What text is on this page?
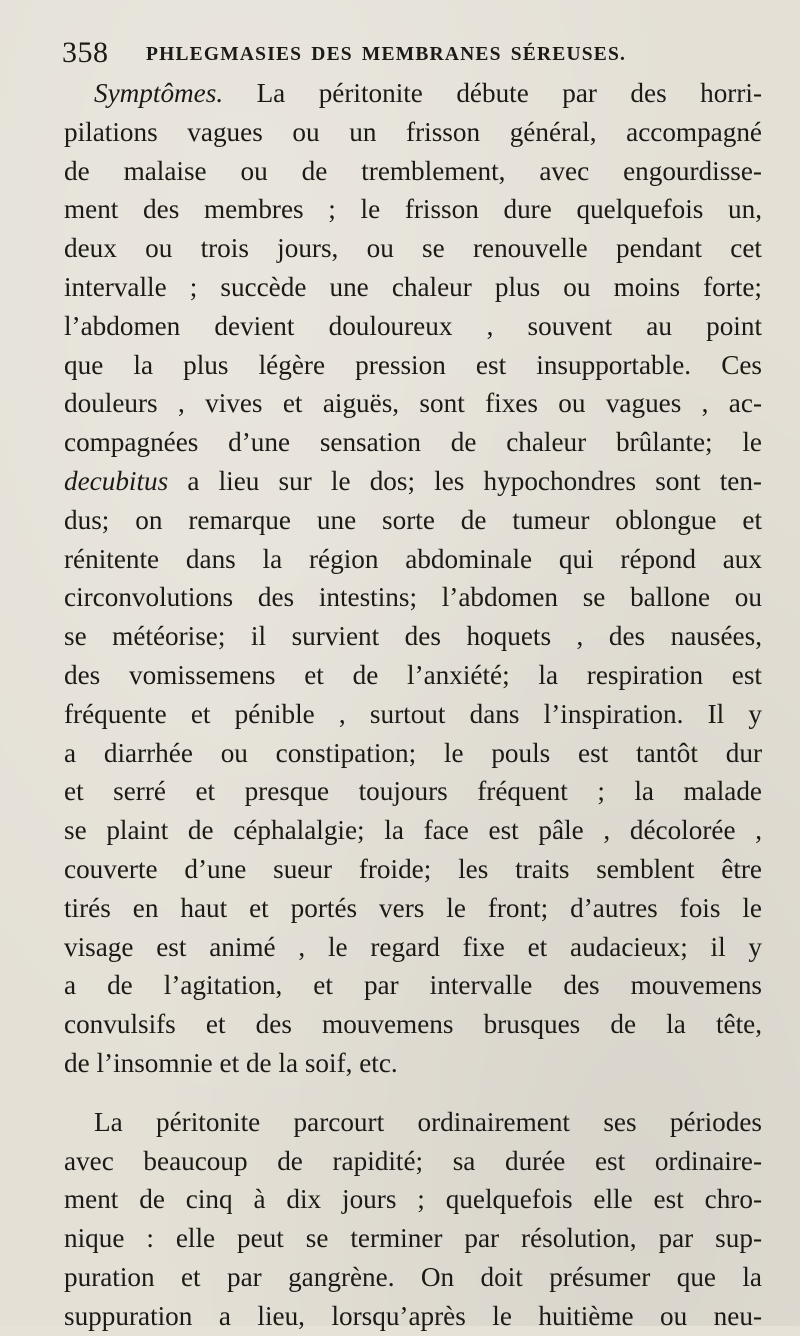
358 PHLEGMASIES DES MEMBRANES SÉREUSES.
Symptômes. La péritonite débute par des horri-
pilations vagues ou un frisson général, accompagné
de malaise ou de tremblement, avec engourdisse-
ment des membres ; le frisson dure quelquefois un,
deux ou trois jours, ou se renouvelle pendant cet
intervalle ; succède une chaleur plus ou moins forte;
l’abdomen devient douloureux , souvent au point
que la plus légère pression est insupportable. Ces
douleurs , vives et aiguës, sont fixes ou vagues , ac-
compagnées d’une sensation de chaleur brûlante; le
decubitus a lieu sur le dos; les hypochondres sont ten-
dus; on remarque une sorte de tumeur oblongue et
rénitente dans la région abdominale qui répond aux
circonvolutions des intestins; l’abdomen se ballone ou
se météorise; il survient des hoquets , des nausées,
des vomissemens et de l’anxiété; la respiration est
fréquente et pénible , surtout dans l’inspiration. Il y
a diarrhée ou constipation; le pouls est tantôt dur
et serré et presque toujours fréquent ; la malade
se plaint de céphalalgie; la face est pâle , décolorée ,
couverte d’une sueur froide; les traits semblent être
tirés en haut et portés vers le front; d’autres fois le
visage est animé , le regard fixe et audacieux; il y
a de l’agitation, et par intervalle des mouvemens
convulsifs et des mouvemens brusques de la tête,
de l’insomnie et de la soif, etc.
La péritonite parcourt ordinairement ses périodes
avec beaucoup de rapidité; sa durée est ordinaire-
ment de cinq à dix jours ; quelquefois elle est chro-
nique : elle peut se terminer par résolution, par sup-
puration et par gangrène. On doit présumer que la
suppuration a lieu, lorsqu’après le huitième ou neu-
